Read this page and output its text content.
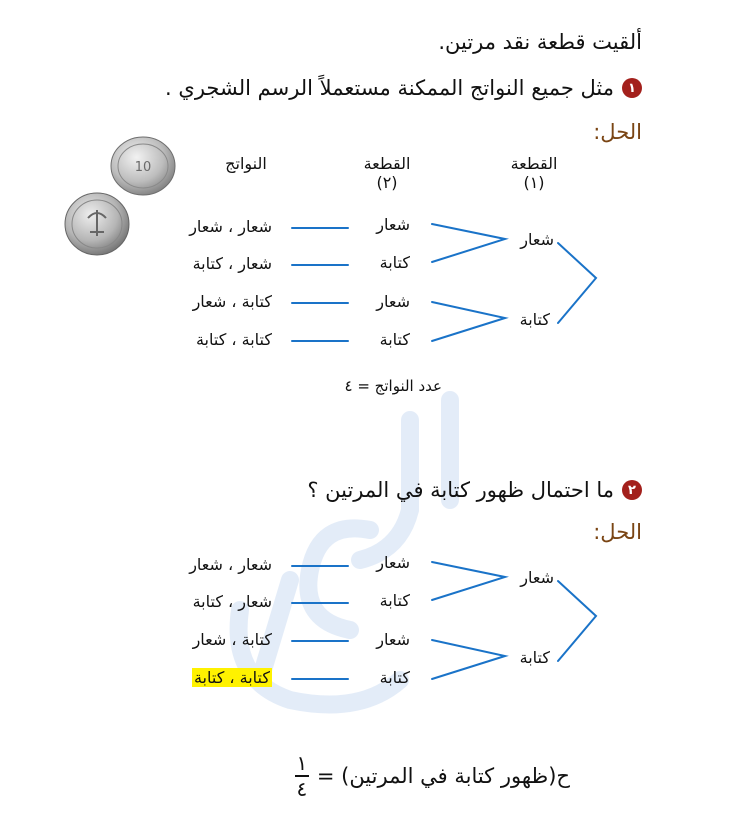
10
ألقيت قطعة نقد مرتين.
١
مثل جميع النواتج الممكنة مستعملاً الرسم الشجري .
الحل:
القطعة
(١)
القطعة
(٢)
النواتج
شعار
كتابة
شعار
كتابة
شعار
كتابة
شعار ، شعار
شعار ، كتابة
كتابة ، شعار
كتابة ، كتابة
عدد النواتج = ٤
٢
ما احتمال ظهور كتابة في المرتين ؟
الحل:
شعار
كتابة
شعار
كتابة
شعار
كتابة
شعار ، شعار
شعار ، كتابة
كتابة ، شعار
كتابة ، كتابة
ح(ظهور كتابة في المرتين) =
$\frac{١}{٤}$
